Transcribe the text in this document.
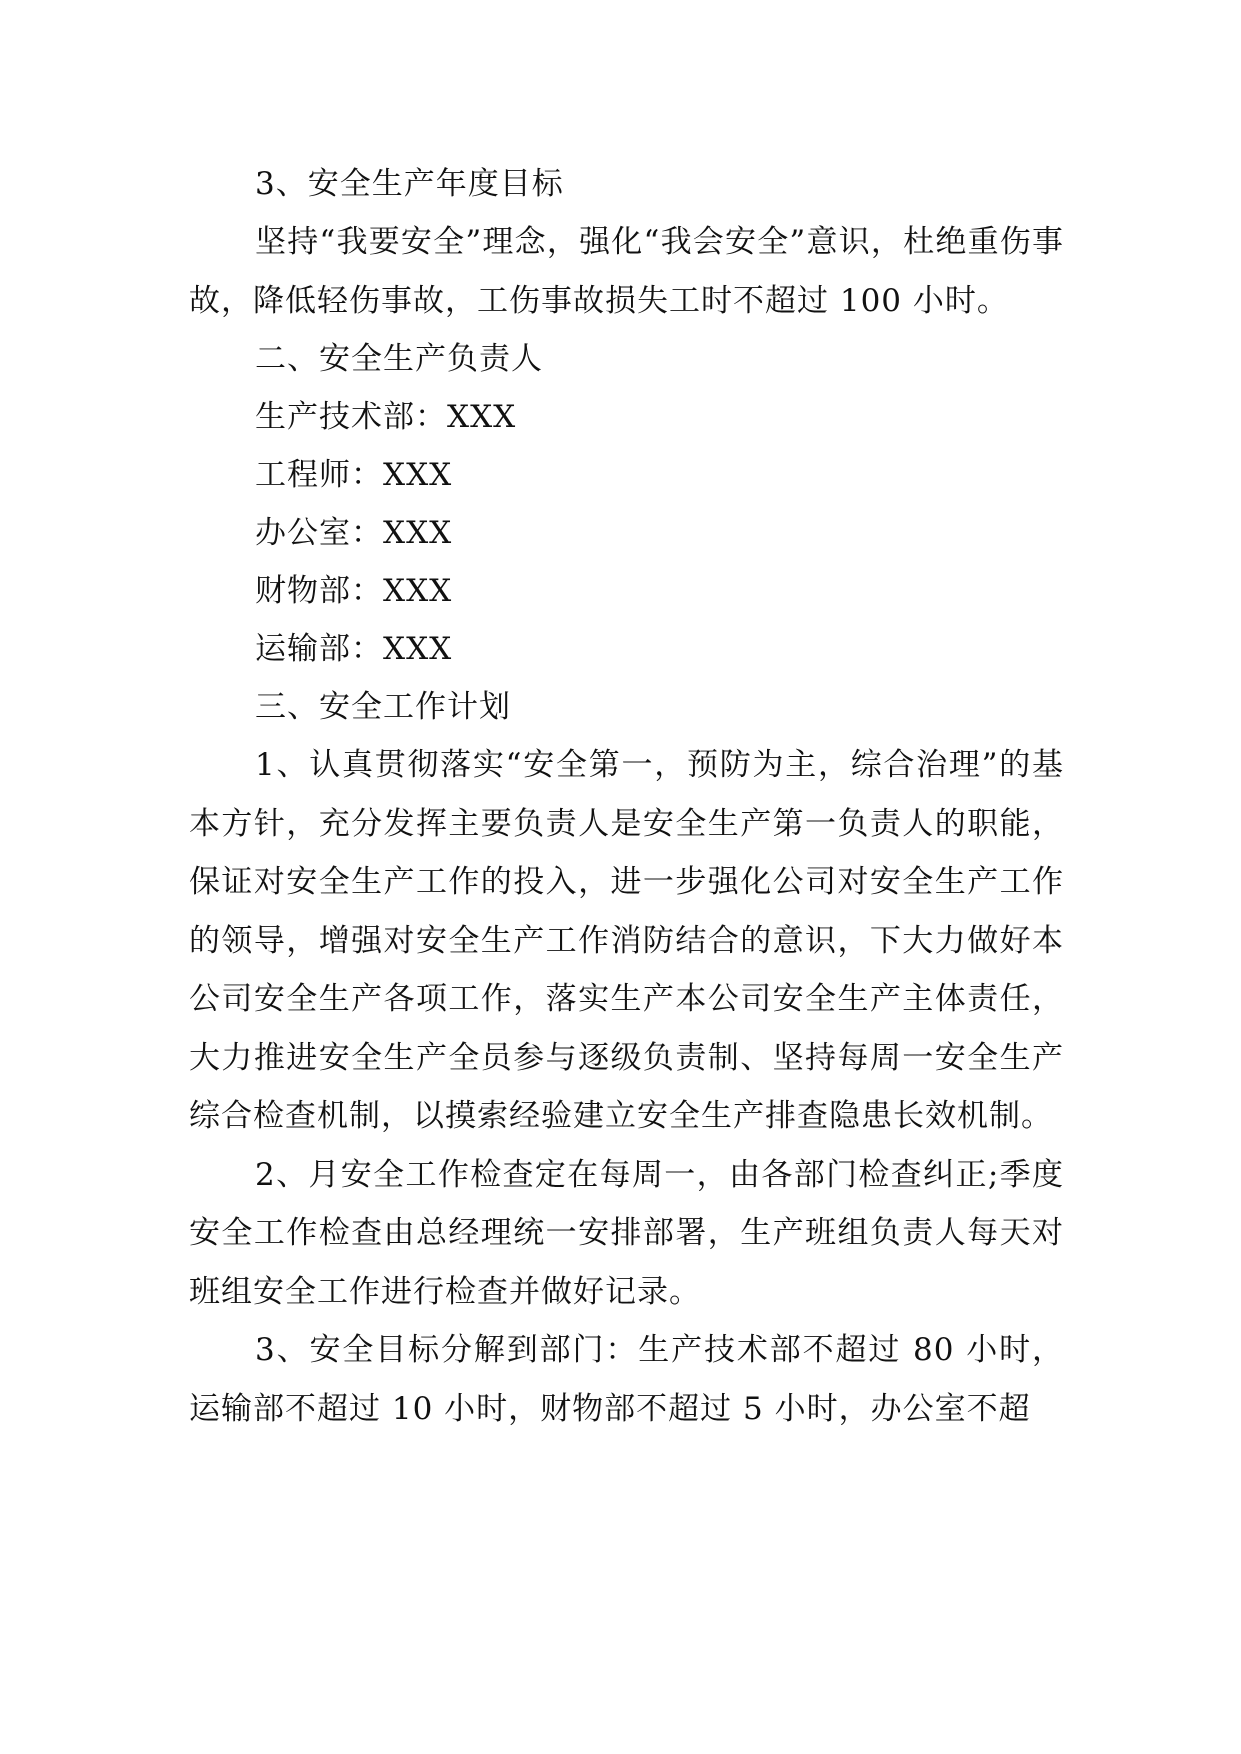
3、安全生产年度目标

坚持“我要安全”理念，强化“我会安全”意识，杜绝重伤事故，降低轻伤事故，工伤事故损失工时不超过 100 小时。

二、安全生产负责人

生产技术部：XXX

工程师：XXX

办公室：XXX

财物部：XXX

运输部：XXX

三、安全工作计划

1、认真贯彻落实“安全第一，预防为主，综合治理”的基本方针，充分发挥主要负责人是安全生产第一负责人的职能，保证对安全生产工作的投入，进一步强化公司对安全生产工作的领导，增强对安全生产工作消防结合的意识，下大力做好本公司安全生产各项工作，落实生产本公司安全生产主体责任，大力推进安全生产全员参与逐级负责制、坚持每周一安全生产综合检查机制，以摸索经验建立安全生产排查隐患长效机制。

2、月安全工作检查定在每周一，由各部门检查纠正;季度安全工作检查由总经理统一安排部署，生产班组负责人每天对班组安全工作进行检查并做好记录。

3、安全目标分解到部门：生产技术部不超过 80 小时，运输部不超过 10 小时，财物部不超过 5 小时，办公室不超
